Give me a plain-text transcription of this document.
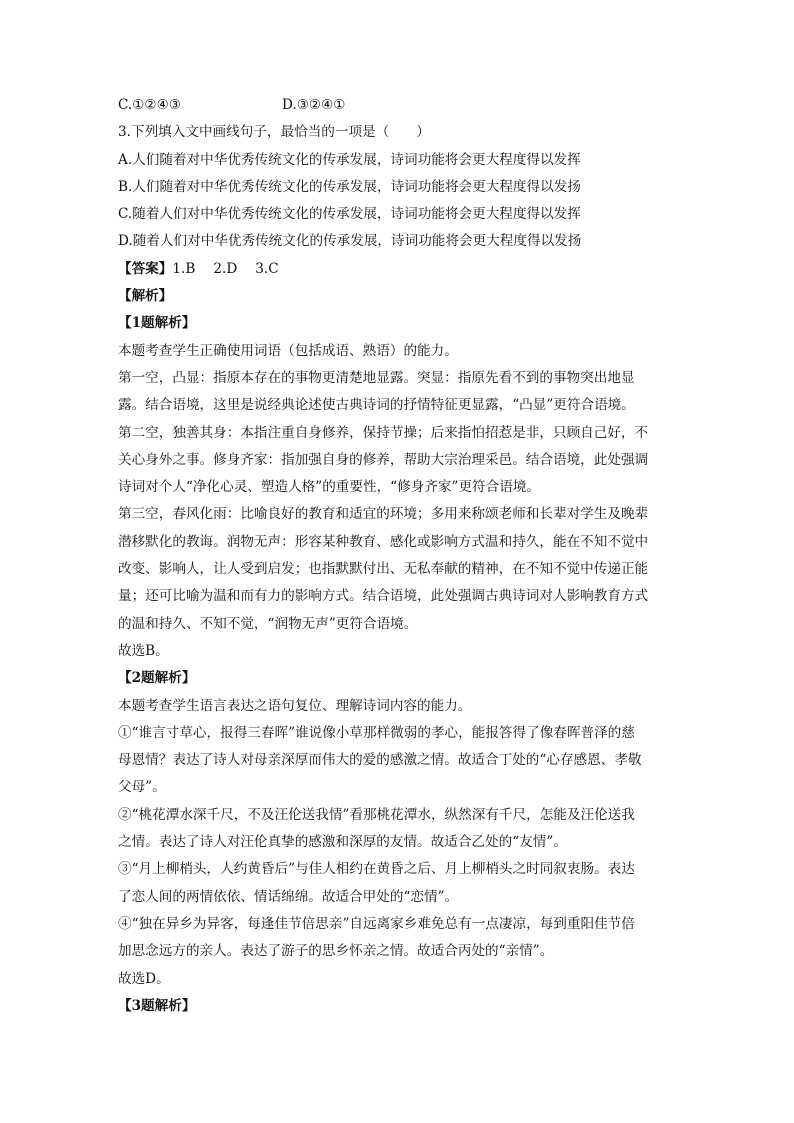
C.①②④③	D.③②④①
3.下列填入文中画线句子，最恰当的一项是（　　）
A.人们随着对中华优秀传统文化的传承发展，诗词功能将会更大程度得以发挥
B.人们随着对中华优秀传统文化的传承发展，诗词功能将会更大程度得以发扬
C.随着人们对中华优秀传统文化的传承发展，诗词功能将会更大程度得以发挥
D.随着人们对中华优秀传统文化的传承发展，诗词功能将会更大程度得以发扬
【答案】1.B 2.D 3.C
【解析】
【1题解析】
本题考查学生正确使用词语（包括成语、熟语）的能力。
第一空，凸显：指原本存在的事物更清楚地显露。突显：指原先看不到的事物突出地显
露。结合语境，这里是说经典论述使古典诗词的抒情特征更显露，“凸显”更符合语境。
第二空，独善其身：本指注重自身修养，保持节操；后来指怕招惹是非，只顾自己好，不
关心身外之事。修身齐家：指加强自身的修养，帮助大宗治理采邑。结合语境，此处强调
诗词对个人“净化心灵、塑造人格”的重要性，“修身齐家”更符合语境。
第三空，春风化雨：比喻良好的教育和适宜的环境；多用来称颂老师和长辈对学生及晚辈
潜移默化的教诲。润物无声：形容某种教育、感化或影响方式温和持久，能在不知不觉中
改变、影响人，让人受到启发；也指默默付出、无私奉献的精神，在不知不觉中传递正能
量；还可比喻为温和而有力的影响方式。结合语境，此处强调古典诗词对人影响教育方式
的温和持久、不知不觉，“润物无声”更符合语境。
故选B。
【2题解析】
本题考查学生语言表达之语句复位、理解诗词内容的能力。
①“谁言寸草心，报得三春晖”谁说像小草那样微弱的孝心，能报答得了像春晖普泽的慈
母恩情？表达了诗人对母亲深厚而伟大的爱的感激之情。故适合丁处的“心存感恩、孝敬
父母”。
②“桃花潭水深千尺，不及汪伦送我情”看那桃花潭水，纵然深有千尺，怎能及汪伦送我
之情。表达了诗人对汪伦真挚的感激和深厚的友情。故适合乙处的“友情”。
③“月上柳梢头，人约黄昏后”与佳人相约在黄昏之后、月上柳梢头之时同叙衷肠。表达
了恋人间的两情依依、情话绵绵。故适合甲处的“恋情”。
④“独在异乡为异客，每逢佳节倍思亲”自远离家乡难免总有一点凄凉，每到重阳佳节倍
加思念远方的亲人。表达了游子的思乡怀亲之情。故适合丙处的“亲情”。
故选D。
【3题解析】
